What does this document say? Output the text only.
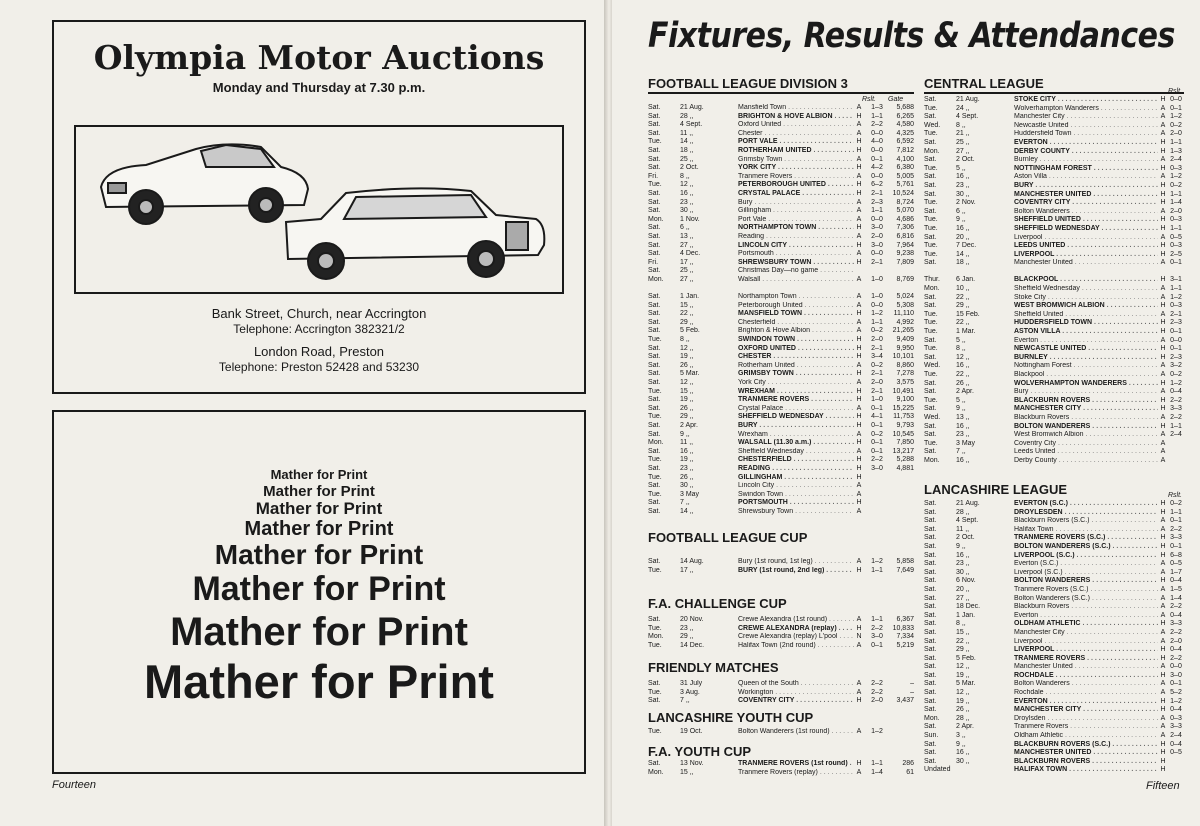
Olympia Motor Auctions
Monday and Thursday at 7.30 p.m.
Bank Street, Church, near Accrington
Telephone: Accrington 382321/2
London Road, Preston
Telephone: Preston 52428 and 53230
Mather for Print
Mather for Print
Mather for Print
Mather for Print
Mather for Print
Mather for Print
Mather for Print
Mather for Print
Fourteen
Fixtures, Results & Attendances
FOOTBALL LEAGUE DIVISION 3
Rslt. Gate
Sat.	21 Aug.	Mansfield Town . . .	A	1–3	5,688
Sat.	28 ,,	BRIGHTON & HOVE ALBION . . .	H	1–1	6,265
Sat.	4 Sept.	Oxford United . . .	A	2–2	4,580
Sat.	11 ,,	Chester . . .	A	0–0	4,325
Tue.	14 ,,	PORT VALE . . .	H	4–0	6,592
Sat.	18 ,,	ROTHERHAM UNITED . . .	H	0–0	7,812
Sat.	25 ,,	Grimsby Town . . .	A	0–1	4,100
Sat.	2 Oct.	YORK CITY . . .	H	4–2	6,380
Fri.	8 ,,	Tranmere Rovers . . .	A	0–0	5,005
Tue.	12 ,,	PETERBOROUGH UNITED . . .	H	6–2	5,761
Sat.	16 ,,	CRYSTAL PALACE . . .	H	2–1	10,524
Sat.	23 ,,	Bury . . .	A	2–3	8,724
Sat.	30 ,,	Gillingham . . .	A	1–1	5,070
Mon.	1 Nov.	Port Vale . . .	A	0–0	4,686
Sat.	6 ,,	NORTHAMPTON TOWN . . .	H	3–0	7,306
Sat.	13 ,,	Reading . . .	A	2–0	6,816
Sat.	27 ,,	LINCOLN CITY . . .	H	3–0	7,964
Sat.	4 Dec.	Portsmouth . . .	A	0–0	9,238
Fri.	17 ,,	SHREWSBURY TOWN . . .	H	2–1	7,809
Sat.	25 ,,	Christmas Day—no game . . .
Mon.	27 ,,	Walsall . . .	A	1–0	8,769
Sat.	1 Jan.	Northampton Town . . .	A	1–0	5,024
Sat.	15 ,,	Peterborough United . . .	A	0–0	5,308
Sat.	22 ,,	MANSFIELD TOWN . . .	H	1–2	11,110
Sat.	29 ,,	Chesterfield . . .	A	1–1	4,992
Sat.	5 Feb.	Brighton & Hove Albion . . .	A	0–2	21,265
Tue.	8 ,,	SWINDON TOWN . . .	H	2–0	9,409
Sat.	12 ,,	OXFORD UNITED . . .	H	2–1	9,950
Sat.	19 ,,	CHESTER . . .	H	3–4	10,101
Sat.	26 ,,	Rotherham United . . .	A	0–2	8,860
Sat.	5 Mar.	GRIMSBY TOWN . . .	H	2–1	7,278
Sat.	12 ,,	York City . . .	A	2–0	3,575
Tue.	15 ,,	WREXHAM . . .	H	2–1	10,491
Sat.	19 ,,	TRANMERE ROVERS . . .	H	1–0	9,100
Sat.	26 ,,	Crystal Palace . . .	A	0–1	15,225
Tue.	29 ,,	SHEFFIELD WEDNESDAY . . .	H	4–1	11,753
Sat.	2 Apr.	BURY . . .	H	0–1	9,793
Sat.	9 ,,	Wrexham . . .	A	0–2	10,545
Mon.	11 ,,	WALSALL (11.30 a.m.) . . .	H	0–1	7,850
Sat.	16 ,,	Sheffield Wednesday . . .	A	0–1	13,217
Tue.	19 ,,	CHESTERFIELD . . .	H	2–2	5,288
Sat.	23 ,,	READING . . .	H	3–0	4,881
Tue.	26 ,,	GILLINGHAM . . .	H
Sat.	30 ,,	Lincoln City . . .	A
Tue.	3 May	Swindon Town . . .	A
Sat.	7 ,,	PORTSMOUTH . . .	H
Sat.	14 ,,	Shrewsbury Town . . .	A
FOOTBALL LEAGUE CUP
Sat.	14 Aug.	Bury (1st round, 1st leg) . . .	A	1–2	5,858
Tue.	17 ,,	BURY (1st round, 2nd leg) . . .	H	1–1	7,649
F.A. CHALLENGE CUP
Sat.	20 Nov.	Crewe Alexandra (1st round) . . .	A	1–1	6,367
Tue.	23 ,,	CREWE ALEXANDRA (replay) . . .	H	2–2	10,833
Mon.	29 ,,	Crewe Alexandra (replay) L'pool . . .	N	3–0	7,334
Tue.	14 Dec.	Halifax Town (2nd round) . . .	A	0–1	5,219
FRIENDLY MATCHES
Sat.	31 July	Queen of the South . . .	A	2–2	–
Tue.	3 Aug.	Workington . . .	A	2–2	–
Sat.	7 ,,	COVENTRY CITY . . .	H	2–0	3,437
LANCASHIRE YOUTH CUP
Tue.	19 Oct.	Bolton Wanderers (1st round) . . .	A	1–2
F.A. YOUTH CUP
Sat.	13 Nov.	TRANMERE ROVERS (1st round) . . .	H	1–1	286
Mon.	15 ,,	Tranmere Rovers (replay) . . .	A	1–4	61
CENTRAL LEAGUE
Rslt.
Sat.	21 Aug.	STOKE CITY . . .	H 0–0
Tue.	24 ,,	Wolverhampton Wanderers . . .	A 0–1
Sat.	4 Sept.	Manchester City . . .	A 1–2
Wed.	8 ,,	Newcastle United . . .	A 0–2
Tue.	21 ,,	Huddersfield Town . . .	A 2–0
Sat.	25 ,,	EVERTON . . .	H 1–1
Mon.	27 ,,	DERBY COUNTY . . .	H 1–3
Sat.	2 Oct.	Burnley . . .	A 2–4
Tue.	5 ,,	NOTTINGHAM FOREST . . .	H 0–3
Sat.	16 ,,	Aston Villa . . .	A 1–2
Sat.	23 ,,	BURY . . .	H 0–2
Sat.	30 ,,	MANCHESTER UNITED . . .	H 1–1
Tue.	2 Nov.	COVENTRY CITY . . .	H 1–4
Sat.	6 ,,	Bolton Wanderers . . .	A 2–0
Tue.	9 ,,	SHEFFIELD UNITED . . .	H 0–3
Tue.	16 ,,	SHEFFIELD WEDNESDAY . . .	H 1–1
Sat.	20 ,,	Liverpool . . .	A 0–5
Tue.	7 Dec.	LEEDS UNITED . . .	H 0–3
Tue.	14 ,,	LIVERPOOL . . .	H 2–5
Sat.	18 ,,	Manchester United . . .	A 0–1
Thur.	6 Jan.	BLACKPOOL . . .	H 3–1
Mon.	10 ,,	Sheffield Wednesday . . .	A 1–1
Sat.	22 ,,	Stoke City . . .	A 1–2
Sat.	29 ,,	WEST BROMWICH ALBION . . .	H 0–3
Tue.	15 Feb.	Sheffield United . . .	A 2–1
Tue.	22 ,,	HUDDERSFIELD TOWN . . .	H 2–3
Tue.	1 Mar.	ASTON VILLA . . .	H 0–1
Sat.	5 ,,	Everton . . .	A 0–0
Tue.	8 ,,	NEWCASTLE UNITED . . .	H 0–1
Sat.	12 ,,	BURNLEY . . .	H 2–3
Wed.	16 ,,	Nottingham Forest . . .	A 3–2
Tue.	22 ,,	Blackpool . . .	A 0–2
Sat.	26 ,,	WOLVERHAMPTON WANDERERS . . .	H 1–2
Sat.	2 Apr.	Bury . . .	A 0–4
Tue.	5 ,,	BLACKBURN ROVERS . . .	H 2–2
Sat.	9 ,,	MANCHESTER CITY . . .	H 3–3
Wed.	13 ,,	Blackburn Rovers . . .	A 2–2
Sat.	16 ,,	BOLTON WANDERERS . . .	H 1–1
Sat.	23 ,,	West Bromwich Albion . . .	A 2–4
Tue.	3 May	Coventry City . . .	A
Sat.	7 ,,	Leeds United . . .	A
Mon.	16 ,,	Derby County . . .	A
LANCASHIRE LEAGUE	Rslt.
Sat.	21 Aug.	EVERTON (S.C.) . . .	H 0–2
Sat.	28 ,,	DROYLESDEN . . .	H 1–1
Sat.	4 Sept.	Blackburn Rovers (S.C.) . . .	A 0–1
Sat.	11 ,,	Halifax Town . . .	A 2–2
Sat.	2 Oct.	TRANMERE ROVERS (S.C.) . . .	H 3–3
Sat.	9 ,,	BOLTON WANDERERS (S.C.) . . .	H 0–1
Sat.	16 ,,	LIVERPOOL (S.C.) . . .	H 6–8
Sat.	23 ,,	Everton (S.C.) . . .	A 0–5
Sat.	30 ,,	Liverpool (S.C.) . . .	A 1–7
Sat.	6 Nov.	BOLTON WANDERERS . . .	H 0–4
Sat.	20 ,,	Tranmere Rovers (S.C.) . . .	A 1–5
Sat.	27 ,,	Bolton Wanderers (S.C.) . . .	A 1–4
Sat.	18 Dec.	Blackburn Rovers . . .	A 2–2
Sat.	1 Jan.	Everton . . .	A 0–4
Sat.	8 ,,	OLDHAM ATHLETIC . . .	H 3–3
Sat.	15 ,,	Manchester City . . .	A 2–2
Sat.	22 ,,	Liverpool . . .	A 2–0
Sat.	29 ,,	LIVERPOOL . . .	H 0–4
Sat.	5 Feb.	TRANMERE ROVERS . . .	H 2–2
Sat.	12 ,,	Manchester United . . .	A 0–0
Sat.	19 ,,	ROCHDALE . . .	H 3–0
Sat.	5 Mar.	Bolton Wanderers . . .	A 0–1
Sat.	12 ,,	Rochdale . . .	A 5–2
Sat.	19 ,,	EVERTON . . .	H 1–2
Sat.	26 ,,	MANCHESTER CITY . . .	H 0–4
Mon.	28 ,,	Droylsden . . .	A 0–3
Sat.	2 Apr.	Tranmere Rovers . . .	A 3–3
Sun.	3 ,,	Oldham Athletic . . .	A 2–4
Sat.	9 ,,	BLACKBURN ROVERS (S.C.) . . .	H 0–4
Sat.	16 ,,	MANCHESTER UNITED . . .	H 0–5
Sat.	30 ,,	BLACKBURN ROVERS . . .	H
Undated	HALIFAX TOWN . . .	H
Fifteen
